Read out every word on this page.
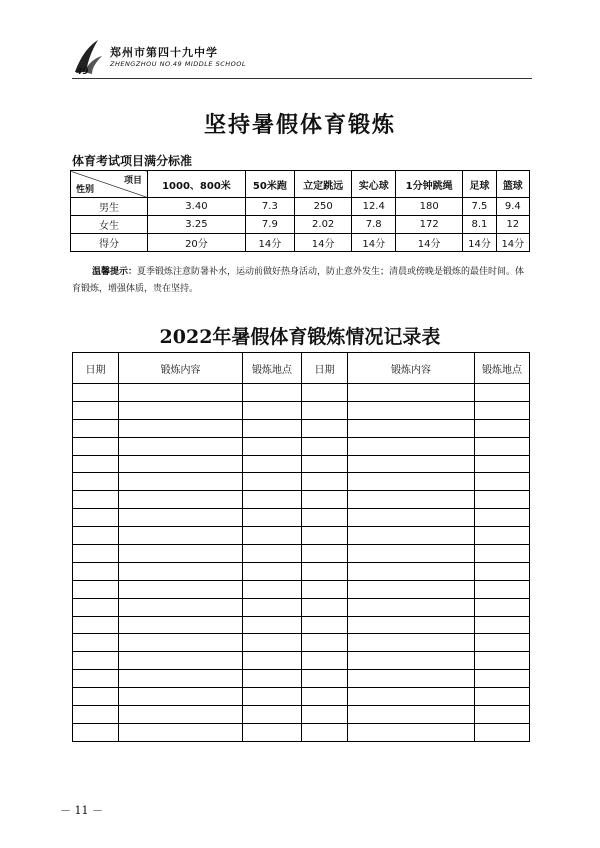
49
郑州市第四十九中学
ZHENGZHOU NO.49 MIDDLE SCHOOL
坚持暑假体育锻炼
体育考试项目满分标准
项目
性别	1000、800米	50米跑	立定跳远	实心球	1分钟跳绳	足球	篮球
男生	3.40	7.3	250	12.4	180	7.5	9.4
女生	3.25	7.9	2.02	7.8	172	8.1	12
得分	20分	14分	14分	14分	14分	14分	14分
温馨提示：夏季锻炼注意防暑补水，运动前做好热身活动，防止意外发生；清晨或傍晚是锻炼的最佳时间。体育锻炼，增强体质，贵在坚持。
2022年暑假体育锻炼情况记录表
日期	锻炼内容	锻炼地点	日期	锻炼内容	锻炼地点

－ 11 －
